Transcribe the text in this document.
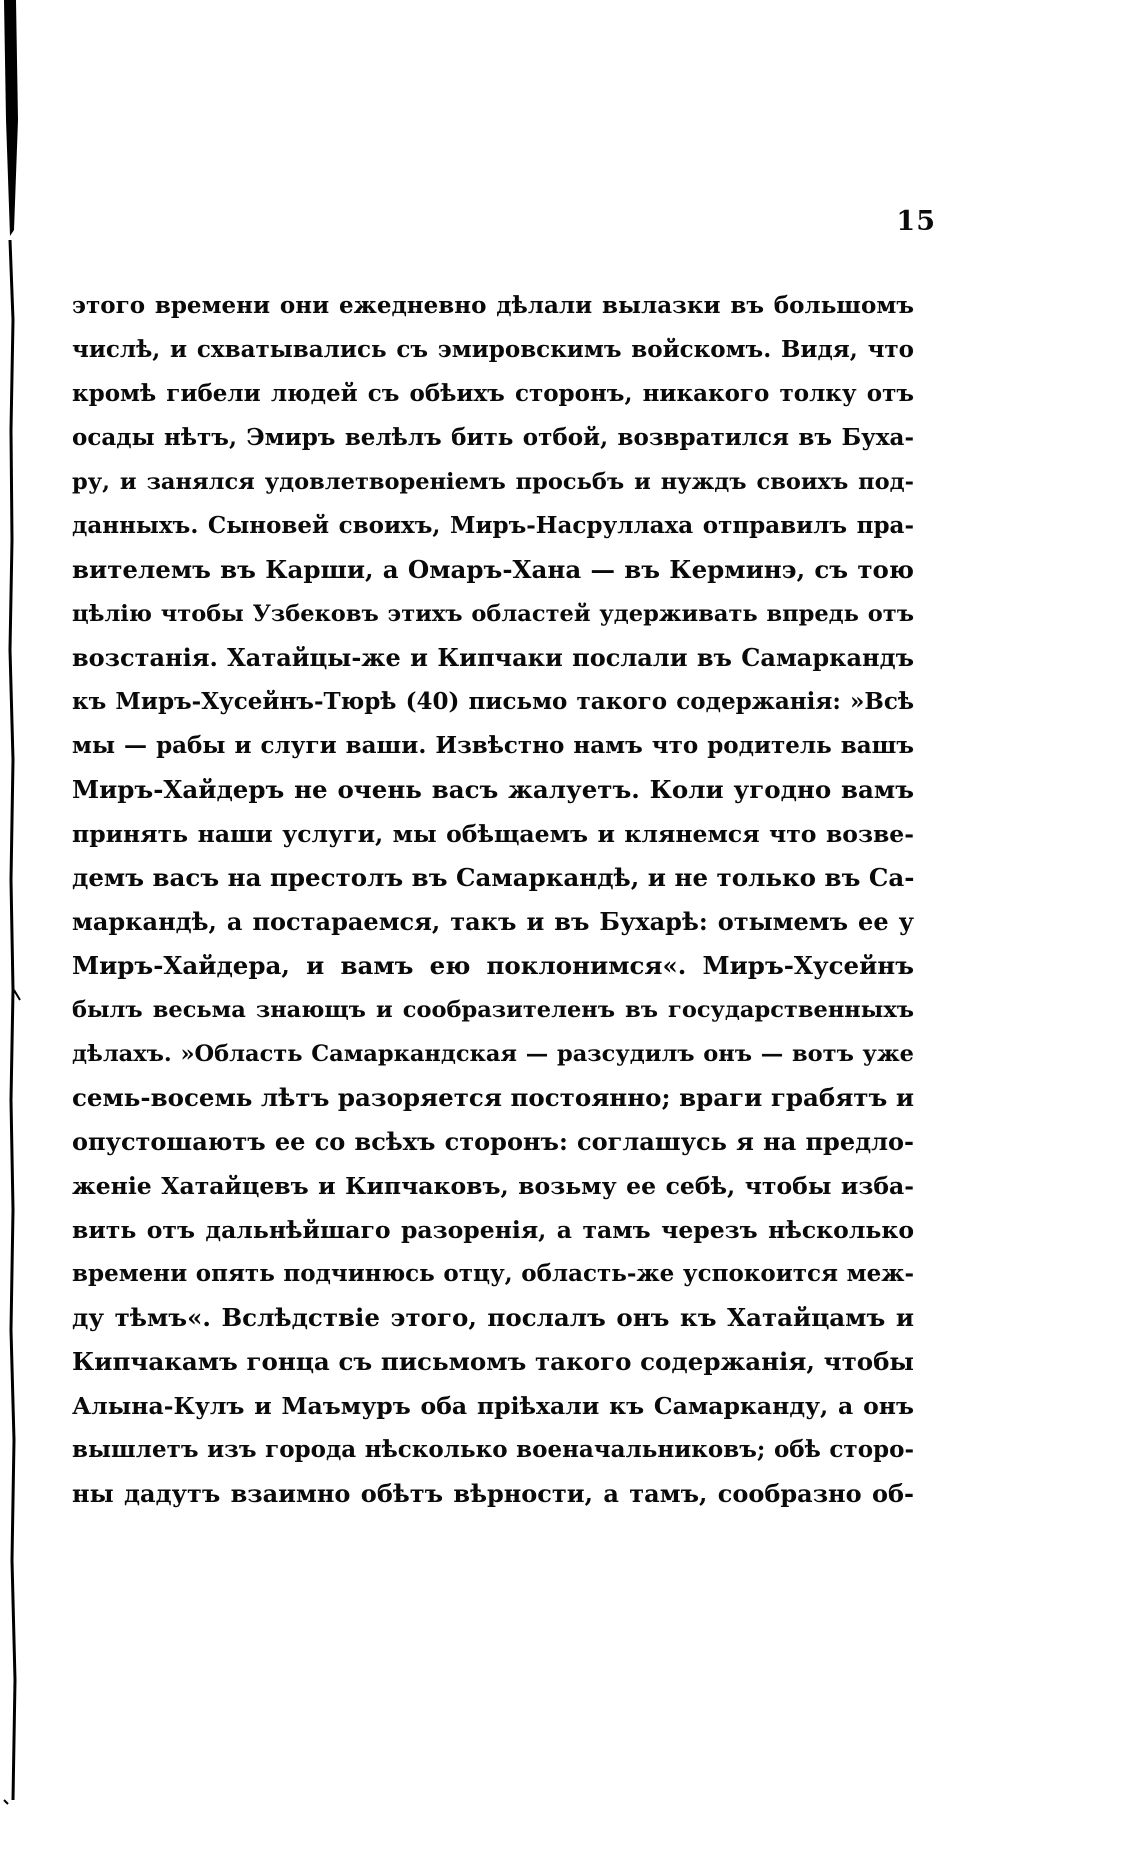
15
этого времени они ежедневно дѣлали вылазки въ большомъ
числѣ, и схватывались съ эмировскимъ войскомъ. Видя, что
кромѣ гибели людей съ обѣихъ сторонъ, никакого толку отъ
осады нѣтъ, Эмиръ велѣлъ бить отбой, возвратился въ Буха-
ру, и занялся удовлетвореніемъ просьбъ и нуждъ своихъ под-
данныхъ. Сыновей своихъ, Миръ-Насруллаха отправилъ пра-
вителемъ въ Карши, а Омаръ-Хана — въ Керминэ, съ тою
цѣлію чтобы Узбековъ этихъ областей удерживать впредь отъ
возстанія. Хатайцы-же и Кипчаки послали въ Самаркандъ
къ Миръ-Хусейнъ-Тюрѣ (40) письмо такого содержанія: »Всѣ
мы — рабы и слуги ваши. Извѣстно намъ что родитель вашъ
Миръ-Хайдеръ не очень васъ жалуетъ. Коли угодно вамъ
принять наши услуги, мы обѣщаемъ и клянемся что возве-
демъ васъ на престолъ въ Самаркандѣ, и не только въ Са-
маркандѣ, а постараемся, такъ и въ Бухарѣ: отымемъ ее у
Миръ-Хайдера, и вамъ ею поклонимся«. Миръ-Хусейнъ
былъ весьма знающъ и сообразителенъ въ государственныхъ
дѣлахъ. »Область Самаркандская — разсудилъ онъ — вотъ уже
семь-восемь лѣтъ разоряется постоянно; враги грабятъ и
опустошаютъ ее со всѣхъ сторонъ: соглашусь я на предло-
женіе Хатайцевъ и Кипчаковъ, возьму ее себѣ, чтобы изба-
вить отъ дальнѣйшаго разоренія, а тамъ черезъ нѣсколько
времени опять подчинюсь отцу, область-же успокоится меж-
ду тѣмъ«. Вслѣдствіе этого, послалъ онъ къ Хатайцамъ и
Кипчакамъ гонца съ письмомъ такого содержанія, чтобы
Алына-Кулъ и Маъмуръ оба пріѣхали къ Самарканду, а онъ
вышлетъ изъ города нѣсколько военачальниковъ; обѣ сторо-
ны дадутъ взаимно обѣтъ вѣрности, а тамъ, сообразно об-
